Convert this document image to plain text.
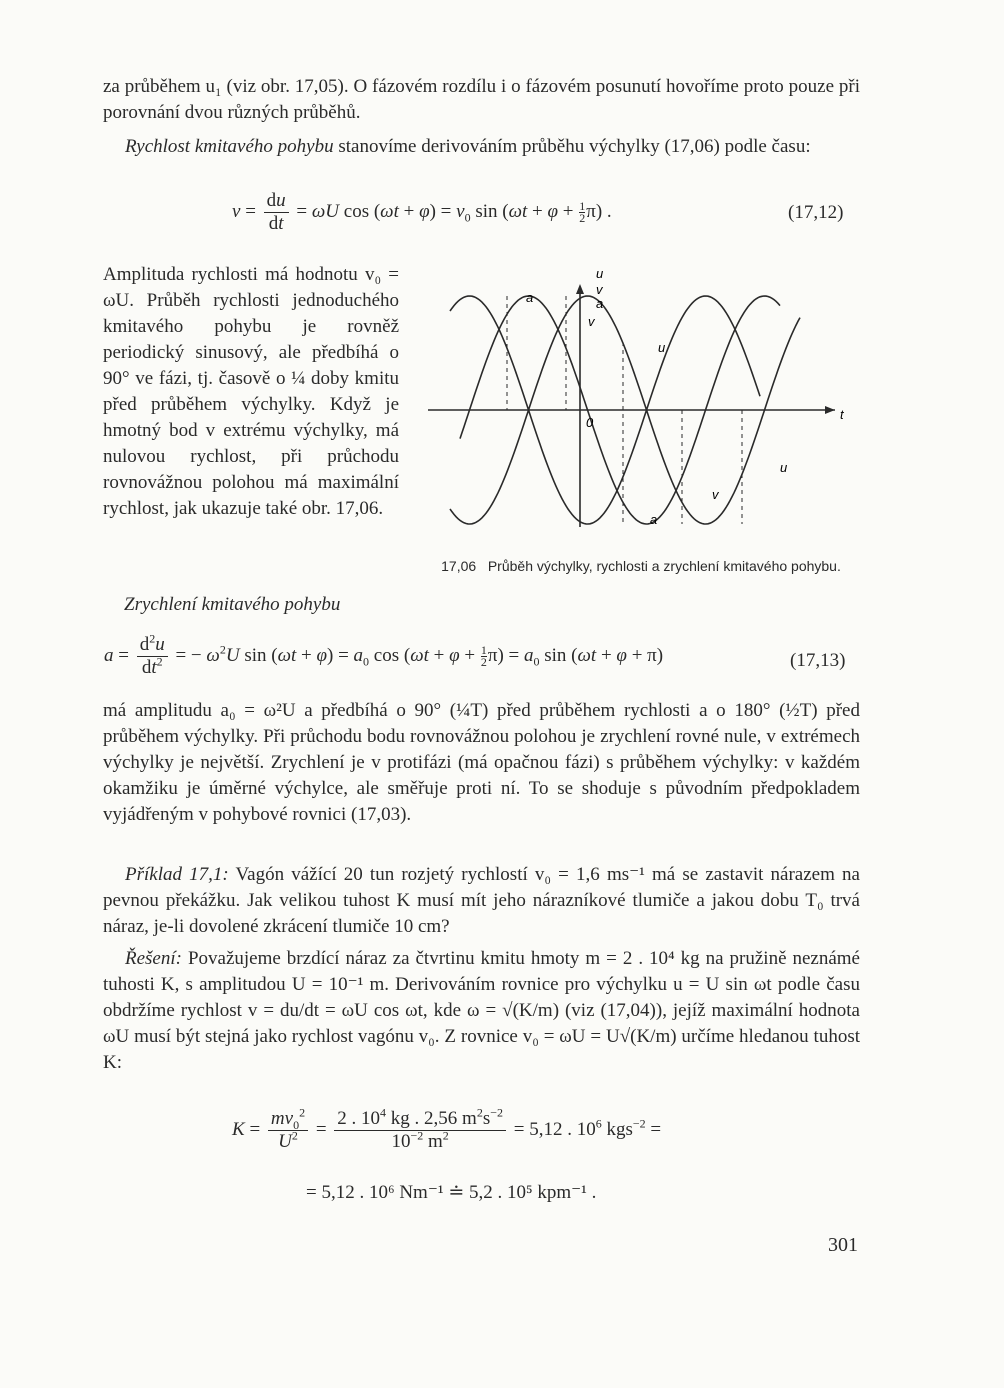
za průběhem u₁ (viz obr. 17,05). O fázovém rozdílu i o fázovém posunutí hovoříme proto pouze při porovnání dvou různých průběhů.

Rychlost kmitavého pohybu stanovíme derivováním průběhu výchylky (17,06) podle času:

$v = \frac{du}{dt} = \omega U$ $\cos (\omega t + \varphi) = v_0$ $\sin (\omega t + \varphi + \frac{1}{2} \pi)$ .	(17,12)
Amplituda rychlosti má hodnotu v₀ = ωU. Průběh rychlosti jednoduchého kmitavého pohybu je rovněž periodický sinusový, ale předbíhá o 90° ve fázi, tj. časově o ¼ doby kmitu před průběhem výchylky. Když je hmotný bod v extrému výchylky, má nulovou rychlost, při průchodu rovnovážnou polohou má maximální rychlost, jak ukazuje také obr. 17,06.
u
v
a
a
v
u
0
t
u
v
a
17,06 Průběh výchylky, rychlosti a zrychlení kmitavého pohybu.
Zrychlení kmitavého pohybu
$a = \frac{d^2u}{dt^2}$ = − $\omega^2U$ $\sin (\omega t + \varphi) = a_0$ $\cos (\omega t + \varphi + \frac{1}{2} \pi) = a_0$ sin (ωt + φ + π)	(17,13)
má amplitudu a₀ = ω²U a předbíhá o 90° (¼T) před průběhem rychlosti a o 180° (½T) před průběhem výchylky. Při průchodu bodu rovnovážnou polohou je zrychlení rovné nule, v extrémech výchylky je největší. Zrychlení je v protifázi (má opačnou fázi) s průběhem výchylky: v každém okamžiku je úměrné výchylce, ale směřuje proti ní. To se shoduje s původním předpokladem vyjádřeným v pohybové rovnici (17,03).

Příklad 17,1: Vagón vážící 20 tun rozjetý rychlostí v₀ = 1,6 ms⁻¹ má se zastavit nárazem na pevnou překážku. Jak velikou tuhost K musí mít jeho nárazníkové tlumiče a jakou dobu T₀ trvá náraz, je-li dovolené zkrácení tlumiče 10 cm?

Řešení: Považujeme brzdící náraz za čtvrtinu kmitu hmoty m = 2 . 10⁴ kg na pružině neznámé tuhosti K, s amplitudou U = 10⁻¹ m. Derivováním rovnice pro výchylku u = U sin ωt podle času obdržíme rychlost v = du/dt = ωU cos ωt, kde ω = √(K/m) (viz (17,04)), jejíž maximální hodnota ωU musí být stejná jako rychlost vagónu v₀. Z rovnice v₀ = ωU = U√(K/m) určíme hledanou tuhost K:

$K = \frac{mv_0^2}{U^2} = \frac{2 . 10^4 kg . 2,56 m^2s^{-2}}{10^{-2} m^2} = 5,12$ . $10^6$ kgs$^{-2}$ =
= 5,12 . 10⁶ Nm⁻¹ ≐ 5,2 . 10⁵ kpm⁻¹ .
301
